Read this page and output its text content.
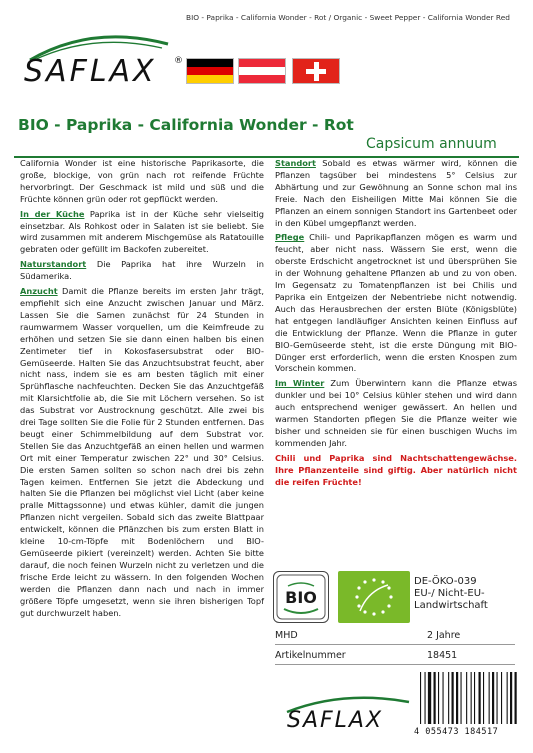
SAFLAX ®
BIO - Paprika - California Wonder - Rot / Organic - Sweet Pepper - California Wonder Red
BIO - Paprika - California Wonder - Rot
Capsicum annuum

California Wonder ist eine historische Paprikasorte, die große, blockige, von grün nach rot reifende Früchte hervorbringt. Der Geschmack ist mild und süß und die Früchte können grün oder rot gepflückt werden.

In der Küche Paprika ist in der Küche sehr vielseitig einsetzbar. Als Rohkost oder in Salaten ist sie beliebt. Sie wird zusammen mit anderem Mischgemüse als Ratatouille gebraten oder gefüllt im Backofen zubereitet.

Naturstandort Die Paprika hat ihre Wurzeln in Südamerika.

Anzucht Damit die Pflanze bereits im ersten Jahr trägt, empfiehlt sich eine Anzucht zwischen Januar und März. Lassen Sie die Samen zunächst für 24 Stunden in raumwarmem Wasser vorquellen, um die Keimfreude zu erhöhen und setzen Sie sie dann einen halben bis einen Zentimeter tief in Kokosfasersubstrat oder BIO-Gemüseerde. Halten Sie das Anzuchtsubstrat feucht, aber nicht nass, indem sie es am besten täglich mit einer Sprühflasche nachfeuchten. Decken Sie das Anzuchtgefäß mit Klarsichtfolie ab, die Sie mit Löchern versehen. So ist das Substrat vor Austrocknung geschützt. Alle zwei bis drei Tage sollten Sie die Folie für 2 Stunden entfernen. Das beugt einer Schimmelbildung auf dem Substrat vor. Stellen Sie das Anzuchtgefäß an einen hellen und warmen Ort mit einer Temperatur zwischen 22° und 30° Celsius. Die ersten Samen sollten so schon nach drei bis zehn Tagen keimen. Entfernen Sie jetzt die Abdeckung und halten Sie die Pflanzen bei möglichst viel Licht (aber keine pralle Mittagssonne) und etwas kühler, damit die jungen Pflanzen nicht vergeilen. Sobald sich das zweite Blattpaar entwickelt, können die Pflänzchen bis zum ersten Blatt in kleine 10-cm-Töpfe mit Bodenlöchern und BIO-Gemüseerde pikiert (vereinzelt) werden. Achten Sie bitte darauf, die noch feinen Wurzeln nicht zu verletzen und die frische Erde leicht zu wässern. In den folgenden Wochen werden die Pflanzen dann nach und nach in immer größere Töpfe umgesetzt, wenn sie ihren bisherigen Topf gut durchwurzelt haben.

Standort Sobald es etwas wärmer wird, können die Pflanzen tagsüber bei mindestens 5° Celsius zur Abhärtung und zur Gewöhnung an Sonne schon mal ins Freie. Nach den Eisheiligen Mitte Mai können Sie die Pflanzen an einem sonnigen Standort ins Gartenbeet oder in den Kübel umgepflanzt werden.

Pflege Chili- und Paprikapflanzen mögen es warm und feucht, aber nicht nass. Wässern Sie erst, wenn die oberste Erdschicht angetrocknet ist und übersprühen Sie in der Wohnung gehaltene Pflanzen ab und zu von oben. Im Gegensatz zu Tomatenpflanzen ist bei Chilis und Paprika ein Entgeizen der Nebentriebe nicht notwendig. Auch das Herausbrechen der ersten Blüte (Königsblüte) hat entgegen landläufiger Ansichten keinen Einfluss auf die Entwicklung der Pflanze. Wenn die Pflanze in guter BIO-Gemüseerde steht, ist die erste Düngung mit BIO-Dünger erst erforderlich, wenn die ersten Knospen zum Vorschein kommen.

Im Winter Zum Überwintern kann die Pflanze etwas dunkler und bei 10° Celsius kühler stehen und wird dann auch entsprechend weniger gewässert. An hellen und warmen Standorten pflegen Sie die Pflanze weiter wie bisher und schneiden sie für einen buschigen Wuchs im kommenden Jahr.

Chili und Paprika sind Nachtschattengewächse. Ihre Pflanzenteile sind giftig. Aber natürlich nicht die reifen Früchte!

BIO
DE-ÖKO-039
EU-/ Nicht-EU-
Landwirtschaft
MHD	2 Jahre
Artikelnummer	18451
SAFLAX	4 055473 184517
